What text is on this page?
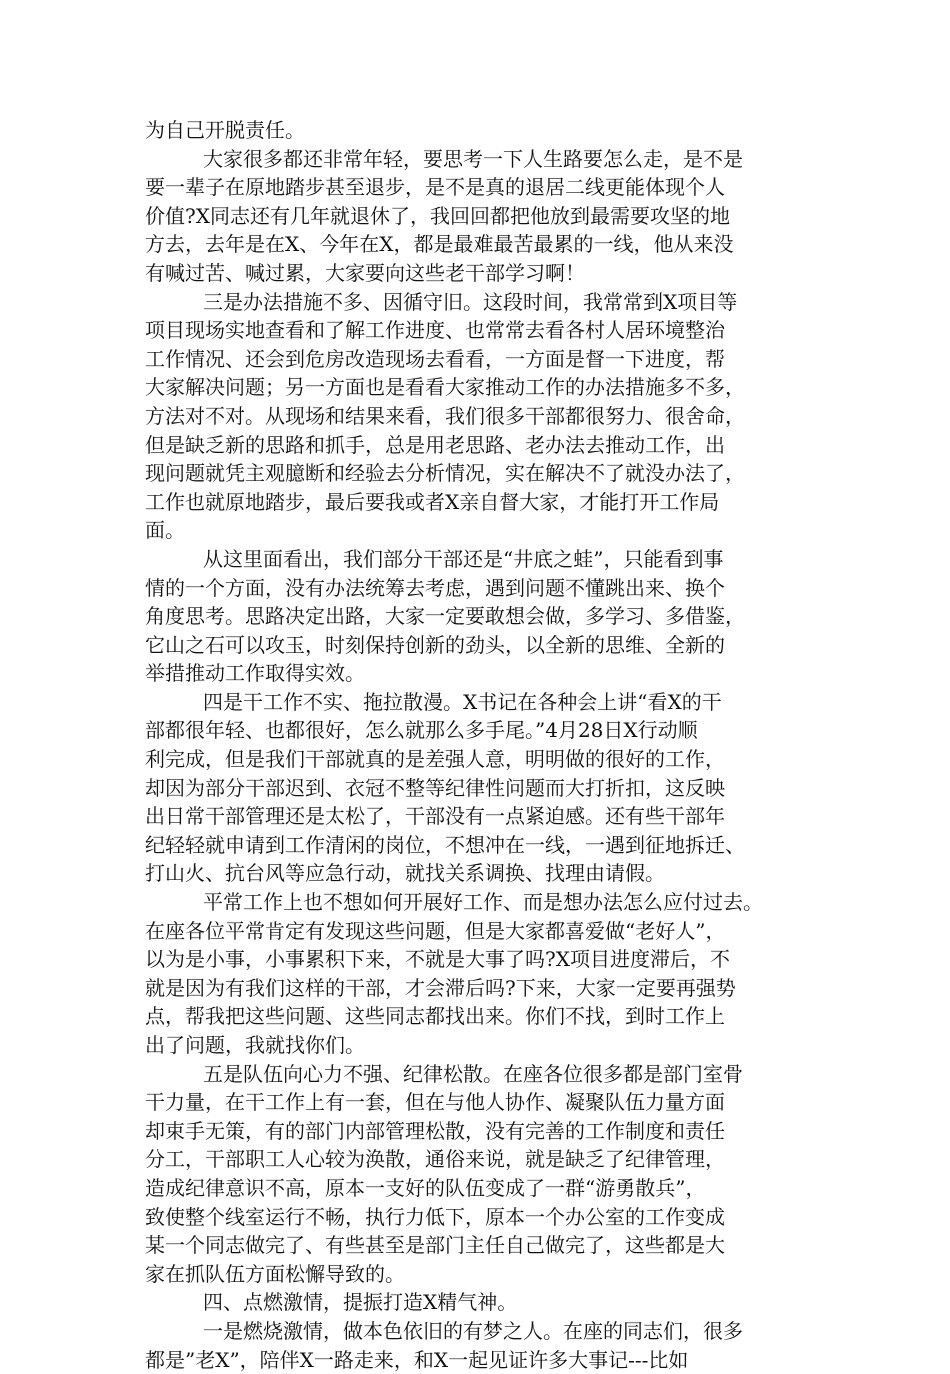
为自己开脱责任。
大家很多都还非常年轻，要思考一下人生路要怎么走，是不是
要一辈子在原地踏步甚至退步，是不是真的退居二线更能体现个人
价值?X同志还有几年就退休了，我回回都把他放到最需要攻坚的地
方去，去年是在X、今年在X，都是最难最苦最累的一线，他从来没
有喊过苦、喊过累，大家要向这些老干部学习啊！
三是办法措施不多、因循守旧。这段时间，我常常到X项目等
项目现场实地查看和了解工作进度、也常常去看各村人居环境整治
工作情况、还会到危房改造现场去看看，一方面是督一下进度，帮
大家解决问题；另一方面也是看看大家推动工作的办法措施多不多，
方法对不对。从现场和结果来看，我们很多干部都很努力、很舍命，
但是缺乏新的思路和抓手，总是用老思路、老办法去推动工作，出
现问题就凭主观臆断和经验去分析情况，实在解决不了就没办法了，
工作也就原地踏步，最后要我或者X亲自督大家，才能打开工作局
面。
从这里面看出，我们部分干部还是“井底之蛙”，只能看到事
情的一个方面，没有办法统筹去考虑，遇到问题不懂跳出来、换个
角度思考。思路决定出路，大家一定要敢想会做，多学习、多借鉴，
它山之石可以攻玉，时刻保持创新的劲头，以全新的思维、全新的
举措推动工作取得实效。
四是干工作不实、拖拉散漫。X书记在各种会上讲“看X的干
部都很年轻、也都很好，怎么就那么多手尾。”4月28日X行动顺
利完成，但是我们干部就真的是差强人意，明明做的很好的工作，
却因为部分干部迟到、衣冠不整等纪律性问题而大打折扣，这反映
出日常干部管理还是太松了，干部没有一点紧迫感。还有些干部年
纪轻轻就申请到工作清闲的岗位，不想冲在一线，一遇到征地拆迁、
打山火、抗台风等应急行动，就找关系调换、找理由请假。
平常工作上也不想如何开展好工作、而是想办法怎么应付过去。
在座各位平常肯定有发现这些问题，但是大家都喜爱做“老好人”，
以为是小事，小事累积下来，不就是大事了吗?X项目进度滞后，不
就是因为有我们这样的干部，才会滞后吗?下来，大家一定要再强势
点，帮我把这些问题、这些同志都找出来。你们不找，到时工作上
出了问题，我就找你们。
五是队伍向心力不强、纪律松散。在座各位很多都是部门室骨
干力量，在干工作上有一套，但在与他人协作、凝聚队伍力量方面
却束手无策，有的部门内部管理松散，没有完善的工作制度和责任
分工，干部职工人心较为涣散，通俗来说，就是缺乏了纪律管理，
造成纪律意识不高，原本一支好的队伍变成了一群“游勇散兵”，
致使整个线室运行不畅，执行力低下，原本一个办公室的工作变成
某一个同志做完了、有些甚至是部门主任自己做完了，这些都是大
家在抓队伍方面松懈导致的。
四、点燃激情，提振打造X精气神。
一是燃烧激情，做本色依旧的有梦之人。在座的同志们，很多
都是”老X”，陪伴X一路走来，和X一起见证许多大事记---比如
